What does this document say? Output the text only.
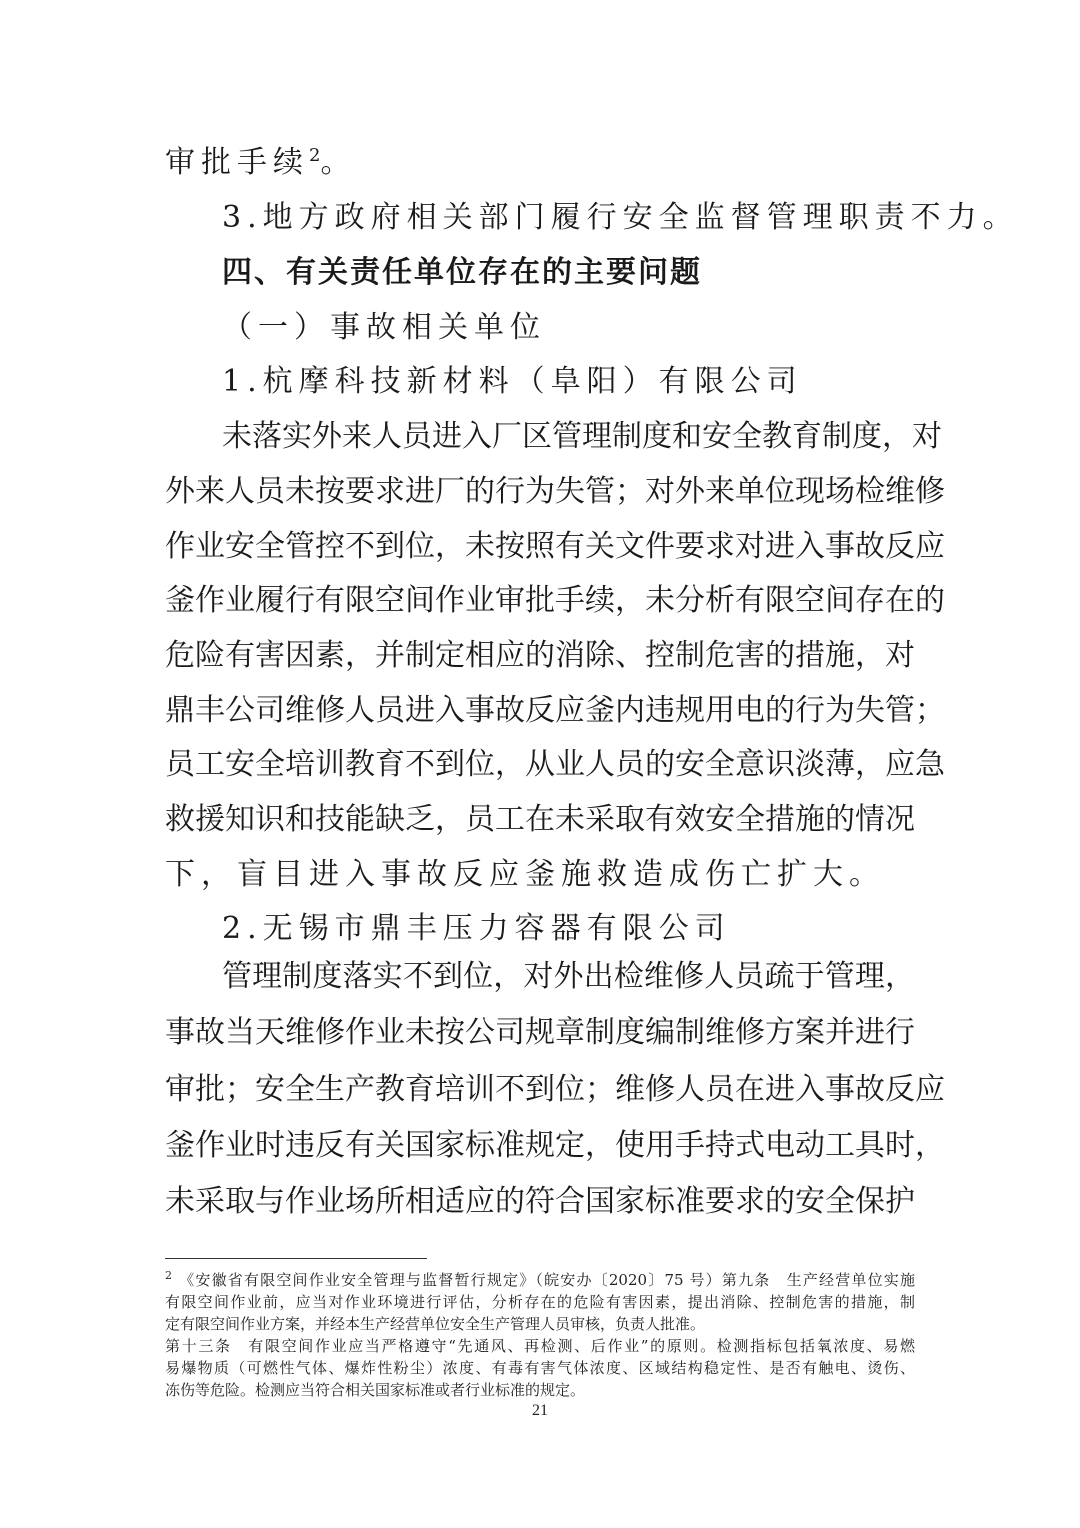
审批手续$^2$。
3.地方政府相关部门履行安全监督管理职责不力。
四、有关责任单位存在的主要问题
（一）事故相关单位
1.杭摩科技新材料（阜阳）有限公司
未落实外来人员进入厂区管理制度和安全教育制度，对
外来人员未按要求进厂的行为失管；对外来单位现场检维修
作业安全管控不到位，未按照有关文件要求对进入事故反应
釜作业履行有限空间作业审批手续，未分析有限空间存在的
危险有害因素，并制定相应的消除、控制危害的措施，对
鼎丰公司维修人员进入事故反应釜内违规用电的行为失管；
员工安全培训教育不到位，从业人员的安全意识淡薄，应急
救援知识和技能缺乏，员工在未采取有效安全措施的情况
下，盲目进入事故反应釜施救造成伤亡扩大。
2.无锡市鼎丰压力容器有限公司
管理制度落实不到位，对外出检维修人员疏于管理，
事故当天维修作业未按公司规章制度编制维修方案并进行
审批；安全生产教育培训不到位；维修人员在进入事故反应
釜作业时违反有关国家标准规定，使用手持式电动工具时，
未采取与作业场所相适应的符合国家标准要求的安全保护
$^2$ 《安徽省有限空间作业安全管理与监督暂行规定》（皖安办〔2020〕75 号）第九条　生产经营单位实施
有限空间作业前，应当对作业环境进行评估，分析存在的危险有害因素，提出消除、控制危害的措施，制
定有限空间作业方案，并经本生产经营单位安全生产管理人员审核，负责人批准。
第十三条　有限空间作业应当严格遵守“先通风、再检测、后作业”的原则。检测指标包括氧浓度、易燃
易爆物质（可燃性气体、爆炸性粉尘）浓度、有毒有害气体浓度、区域结构稳定性、是否有触电、烫伤、
冻伤等危险。检测应当符合相关国家标准或者行业标准的规定。
21
